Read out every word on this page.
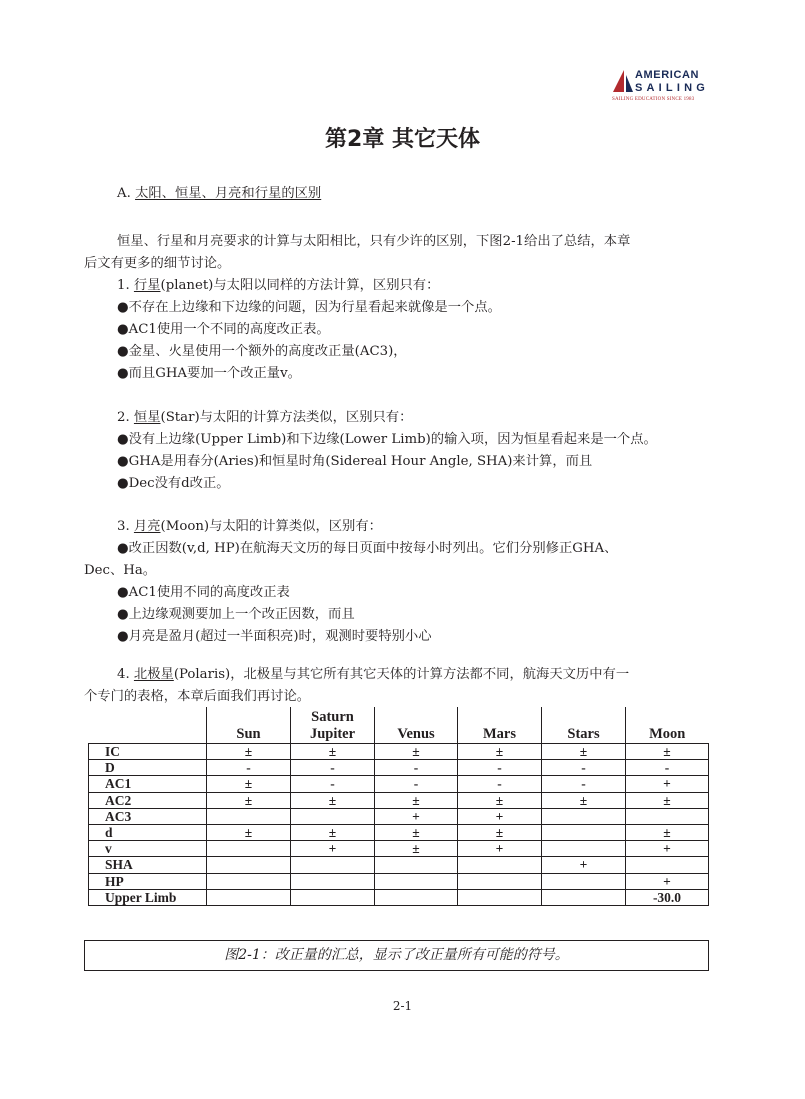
AMERICAN
SAILING
SAILING EDUCATION SINCE 1983
第2章 其它天体
A. 太阳、恒星、月亮和行星的区别
恒星、行星和月亮要求的计算与太阳相比，只有少许的区别，下图2-1给出了总结，本章
后文有更多的细节讨论。
1. 行星(planet)与太阳以同样的方法计算，区别只有：
●不存在上边缘和下边缘的问题，因为行星看起来就像是一个点。
●AC1使用一个不同的高度改正表。
●金星、火星使用一个额外的高度改正量(AC3)，
●而且GHA要加一个改正量v。
2. 恒星(Star)与太阳的计算方法类似，区别只有：
●没有上边缘(Upper Limb)和下边缘(Lower Limb)的输入项，因为恒星看起来是一个点。
●GHA是用春分(Aries)和恒星时角(Sidereal Hour Angle, SHA)来计算，而且
●Dec没有d改正。
3. 月亮(Moon)与太阳的计算类似，区别有：
●改正因数(v,d, HP)在航海天文历的每日页面中按每小时列出。它们分别修正GHA、
Dec、Ha。
●AC1使用不同的高度改正表
●上边缘观测要加上一个改正因数，而且
●月亮是盈月(超过一半面积亮)时，观测时要特别小心
4. 北极星(Polaris)，北极星与其它所有其它天体的计算方法都不同，航海天文历中有一
个专门的表格，本章后面我们再讨论。

	Sun	Saturn
Jupiter	Venus	Mars	Stars	Moon

IC	±	±	±	±	±	±
D	-	-	-	-	-	-
AC1	±	-	-	-	-	+
AC2	±	±	±	±	±	±
AC3			+	+		
d	±	±	±	±		±
v		+	±	+		+
SHA					+	
HP						+
Upper Limb						-30.0
图2-1：改正量的汇总，显示了改正量所有可能的符号。
2-1
